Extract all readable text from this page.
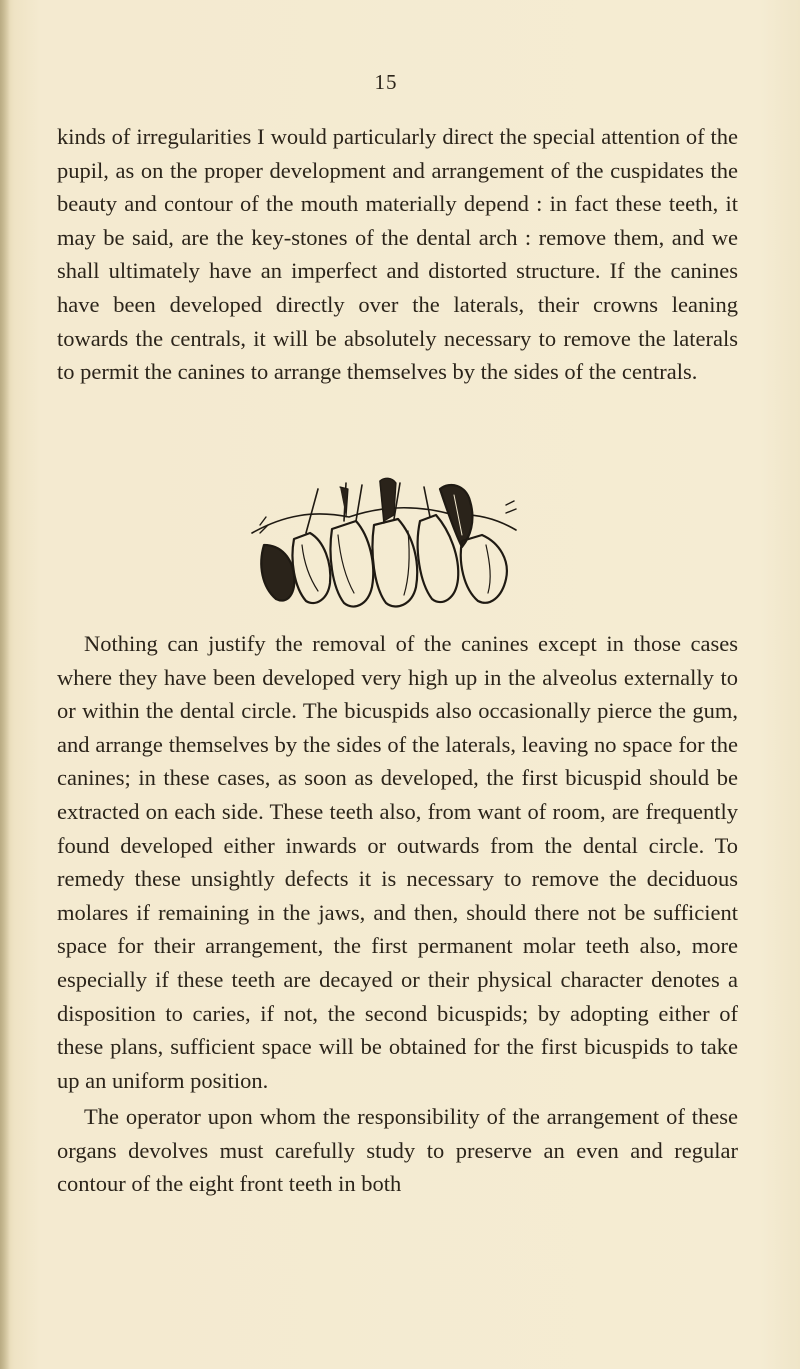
15

kinds of irregularities I would particularly direct the special attention of the pupil, as on the proper development and arrangement of the cuspidates the beauty and contour of the mouth materially depend : in fact these teeth, it may be said, are the key-stones of the dental arch : remove them, and we shall ultimately have an imperfect and distorted structure. If the canines have been developed directly over the laterals, their crowns leaning towards the centrals, it will be absolutely necessary to remove the laterals to permit the canines to arrange themselves by the sides of the centrals.

Nothing can justify the removal of the canines except in those cases where they have been developed very high up in the alveolus externally to or within the dental circle. The bicuspids also occasionally pierce the gum, and arrange themselves by the sides of the laterals, leaving no space for the canines; in these cases, as soon as developed, the first bicuspid should be extracted on each side. These teeth also, from want of room, are frequently found developed either inwards or outwards from the dental circle. To remedy these unsightly defects it is necessary to remove the deciduous molares if remaining in the jaws, and then, should there not be sufficient space for their arrangement, the first permanent molar teeth also, more especially if these teeth are decayed or their physical character denotes a disposition to caries, if not, the second bicuspids; by adopting either of these plans, sufficient space will be obtained for the first bicuspids to take up an uniform position.

The operator upon whom the responsibility of the arrangement of these organs devolves must carefully study to preserve an even and regular contour of the eight front teeth in both
